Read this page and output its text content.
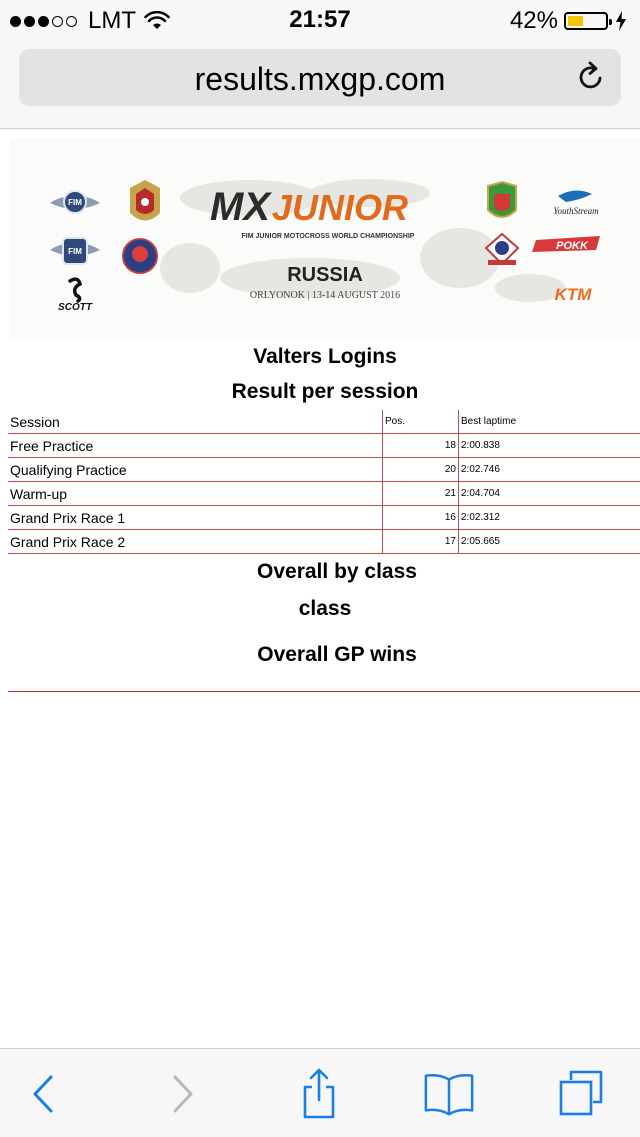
LMT	21:57	42%
results.mxgp.com
FIM
FIM
SCOTT
MX JUNIOR
FIM JUNIOR MOTOCROSS WORLD CHAMPIONSHIP
RUSSIA
ORLYONOK | 13-14 AUGUST 2016
YouthStream
POKK
KTM
Valters Logins
Result per session
Session	Pos.	Best laptime
Free Practice	18	2:00.838
Qualifying Practice	20	2:02.746
Warm-up	21	2:04.704
Grand Prix Race 1	16	2:02.312
Grand Prix Race 2	17	2:05.665
Overall by class
class
Overall GP wins
